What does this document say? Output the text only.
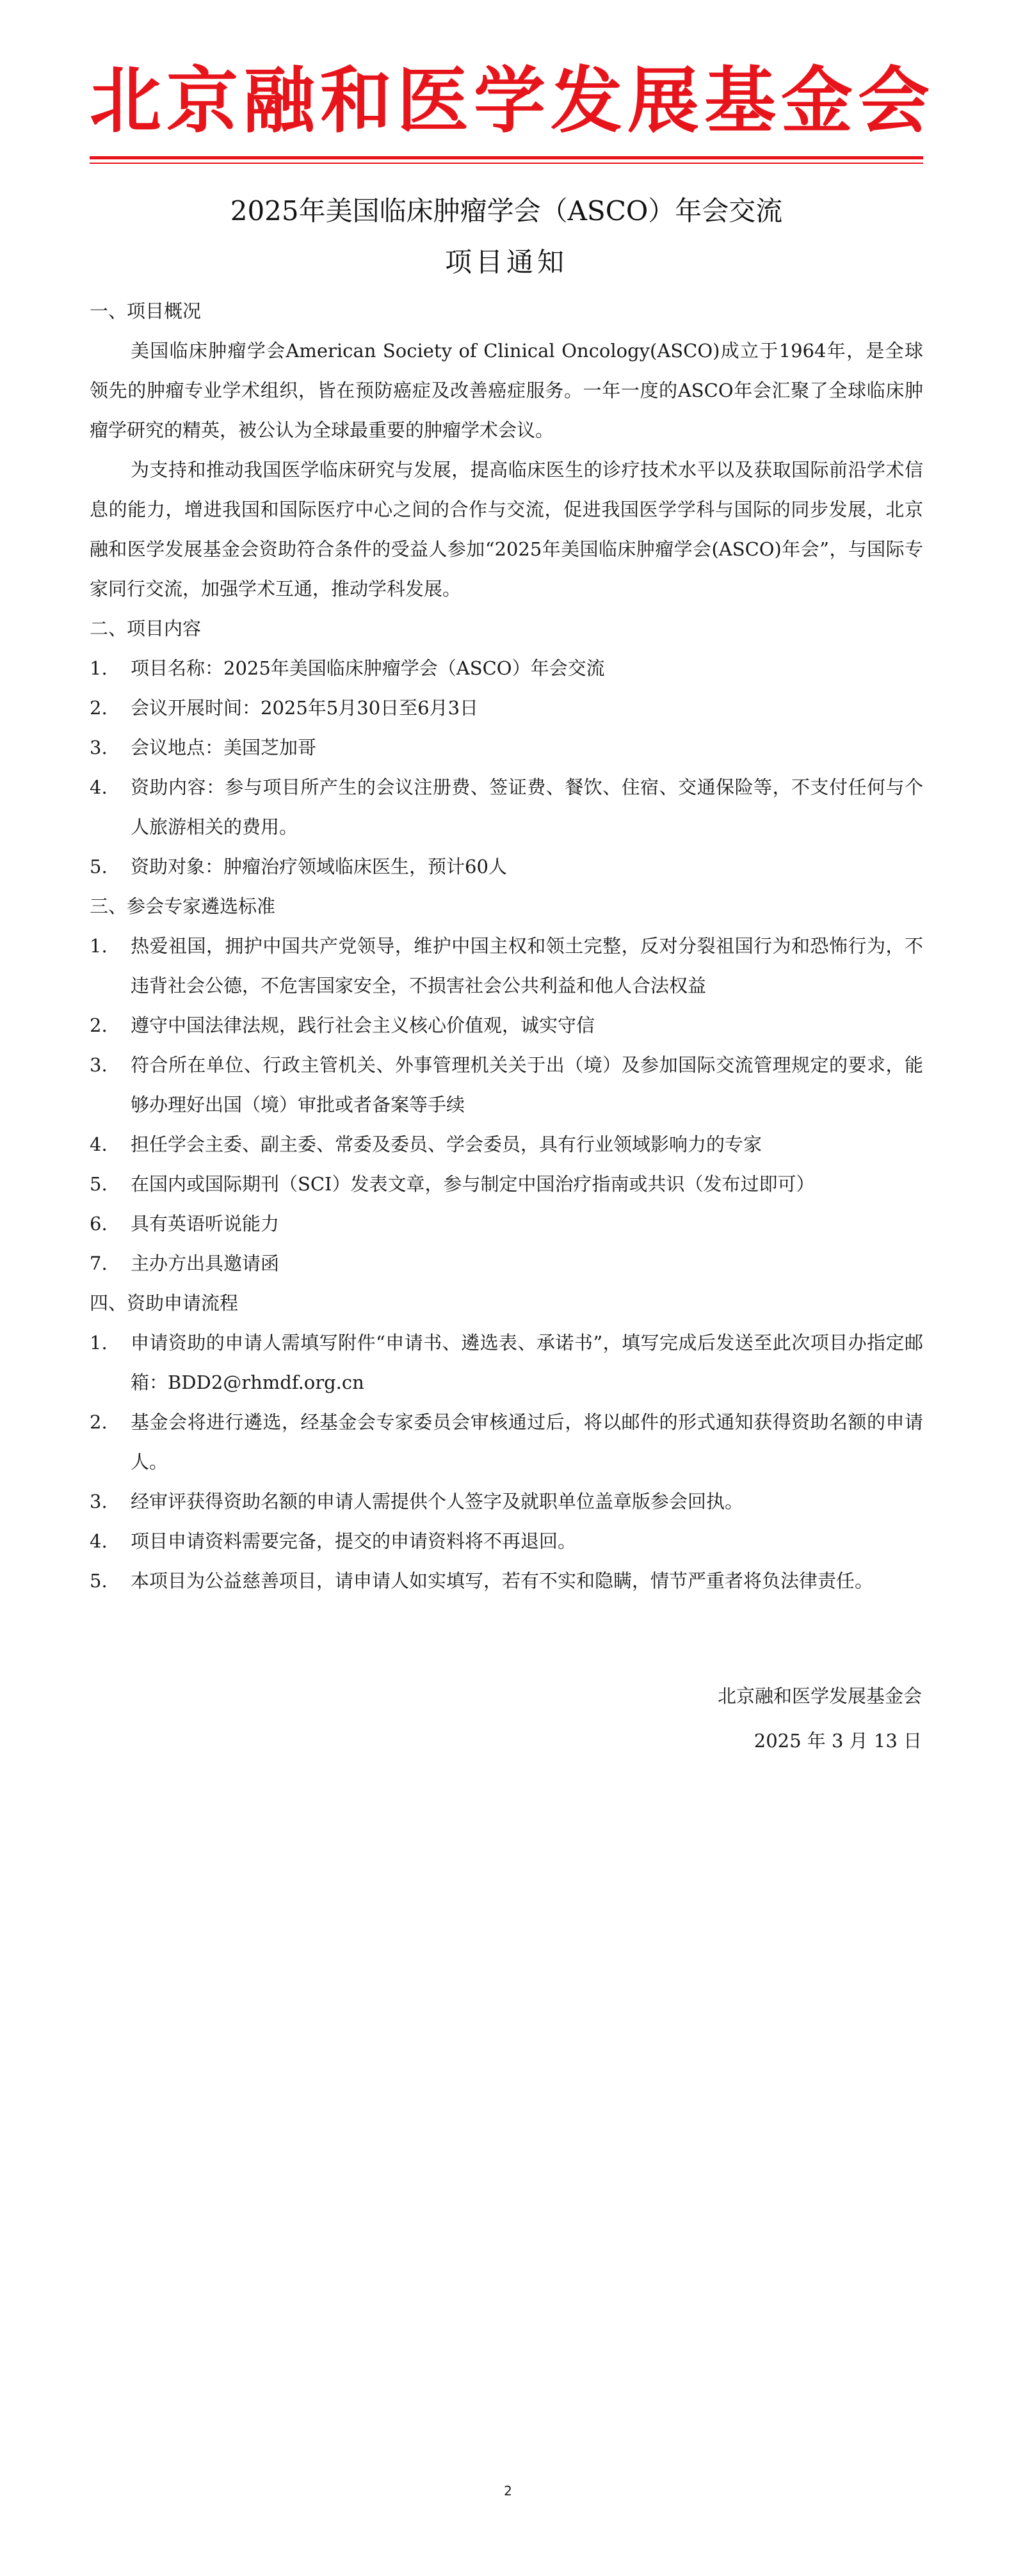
北京融和医学发展基金会
2025年美国临床肿瘤学会（ASCO）年会交流
项目通知

一、项目概况

美国临床肿瘤学会American Society of Clinical Oncology(ASCO)成立于1964年，是全球领先的肿瘤专业学术组织，皆在预防癌症及改善癌症服务。一年一度的ASCO年会汇聚了全球临床肿瘤学研究的精英，被公认为全球最重要的肿瘤学术会议。

为支持和推动我国医学临床研究与发展，提高临床医生的诊疗技术水平以及获取国际前沿学术信息的能力，增进我国和国际医疗中心之间的合作与交流，促进我国医学学科与国际的同步发展，北京融和医学发展基金会资助符合条件的受益人参加“2025年美国临床肿瘤学会(ASCO)年会”，与国际专家同行交流，加强学术互通，推动学科发展。

二、项目内容

1.	项目名称：2025年美国临床肿瘤学会（ASCO）年会交流
2.	会议开展时间：2025年5月30日至6月3日
3.	会议地点：美国芝加哥
4.	资助内容：参与项目所产生的会议注册费、签证费、餐饮、住宿、交通保险等，不支付任何与个人旅游相关的费用。
5.	资助对象：肿瘤治疗领域临床医生，预计60人

三、参会专家遴选标准

1.	热爱祖国，拥护中国共产党领导，维护中国主权和领土完整，反对分裂祖国行为和恐怖行为，不违背社会公德，不危害国家安全，不损害社会公共利益和他人合法权益
2.	遵守中国法律法规，践行社会主义核心价值观，诚实守信
3.	符合所在单位、行政主管机关、外事管理机关关于出（境）及参加国际交流管理规定的要求，能够办理好出国（境）审批或者备案等手续
4.	担任学会主委、副主委、常委及委员、学会委员，具有行业领域影响力的专家
5.	在国内或国际期刊（SCI）发表文章，参与制定中国治疗指南或共识（发布过即可）
6.	具有英语听说能力
7.	主办方出具邀请函

四、资助申请流程

1.	申请资助的申请人需填写附件“申请书、遴选表、承诺书”，填写完成后发送至此次项目办指定邮箱：BDD2@rhmdf.org.cn
2.	基金会将进行遴选，经基金会专家委员会审核通过后，将以邮件的形式通知获得资助名额的申请人。
3.	经审评获得资助名额的申请人需提供个人签字及就职单位盖章版参会回执。
4.	项目申请资料需要完备，提交的申请资料将不再退回。
5.	本项目为公益慈善项目，请申请人如实填写，若有不实和隐瞒，情节严重者将负法律责任。
北京融和医学发展基金会
2025 年 3 月 13 日
2
